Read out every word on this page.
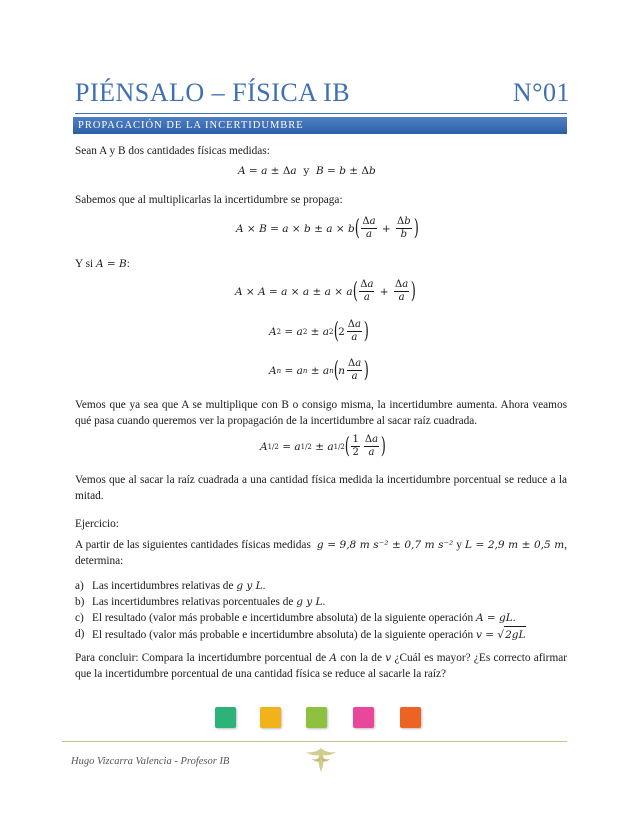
PIÉNSALO – FÍSICA IB	N°01
PROPAGACIÓN DE LA INCERTIDUMBRE
Sean A y B dos cantidades físicas medidas:
A = a ± Δ a
y
B = b ± Δ b
Sabemos que al multiplicarlas la incertidumbre se propaga:
A × B = a × b ± a × b ( $\frac{\Delta a}{a} + \frac{\Delta b}{b}$ )
Y si A = B:
A × A = a × a ± a × a ( $\frac{\Delta a}{a} + \frac{\Delta a}{a}$ )
A 2 = a 2 ± a 2 ( $2 \frac{\Delta a}{a}$ )
A n = a n ± a n ( n $\frac{\Delta a}{a}$ )
Vemos que ya sea que A se multiplique con B o consigo misma, la incertidumbre aumenta. Ahora veamos qué pasa cuando queremos ver la propagación de la incertidumbre al sacar raíz cuadrada.
A 1/2 = a 1/2 ± a 1/2 ( $\frac{1}{2} \frac{\Delta a}{a}$ )
Vemos que al sacar la raíz cuadrada a una cantidad física medida la incertidumbre porcentual se reduce a la mitad.
Ejercicio:
A partir de las siguientes cantidades físicas medidas g = 9,8 m s⁻² ± 0,7 m s⁻² y L = 2,9 m ± 0,5 m, determina:
a) Las incertidumbres relativas de g y L.
b) Las incertidumbres relativas porcentuales de g y L.
c) El resultado (valor más probable e incertidumbre absoluta) de la siguiente operación A = gL.
d) El resultado (valor más probable e incertidumbre absoluta) de la siguiente operación v = √ 2gL
Para concluir: Compara la incertidumbre porcentual de A con la de v ¿Cuál es mayor? ¿Es correcto afirmar que la incertidumbre porcentual de una cantidad física se reduce al sacarle la raíz?
Hugo Vizcarra Valencia - Profesor IB
